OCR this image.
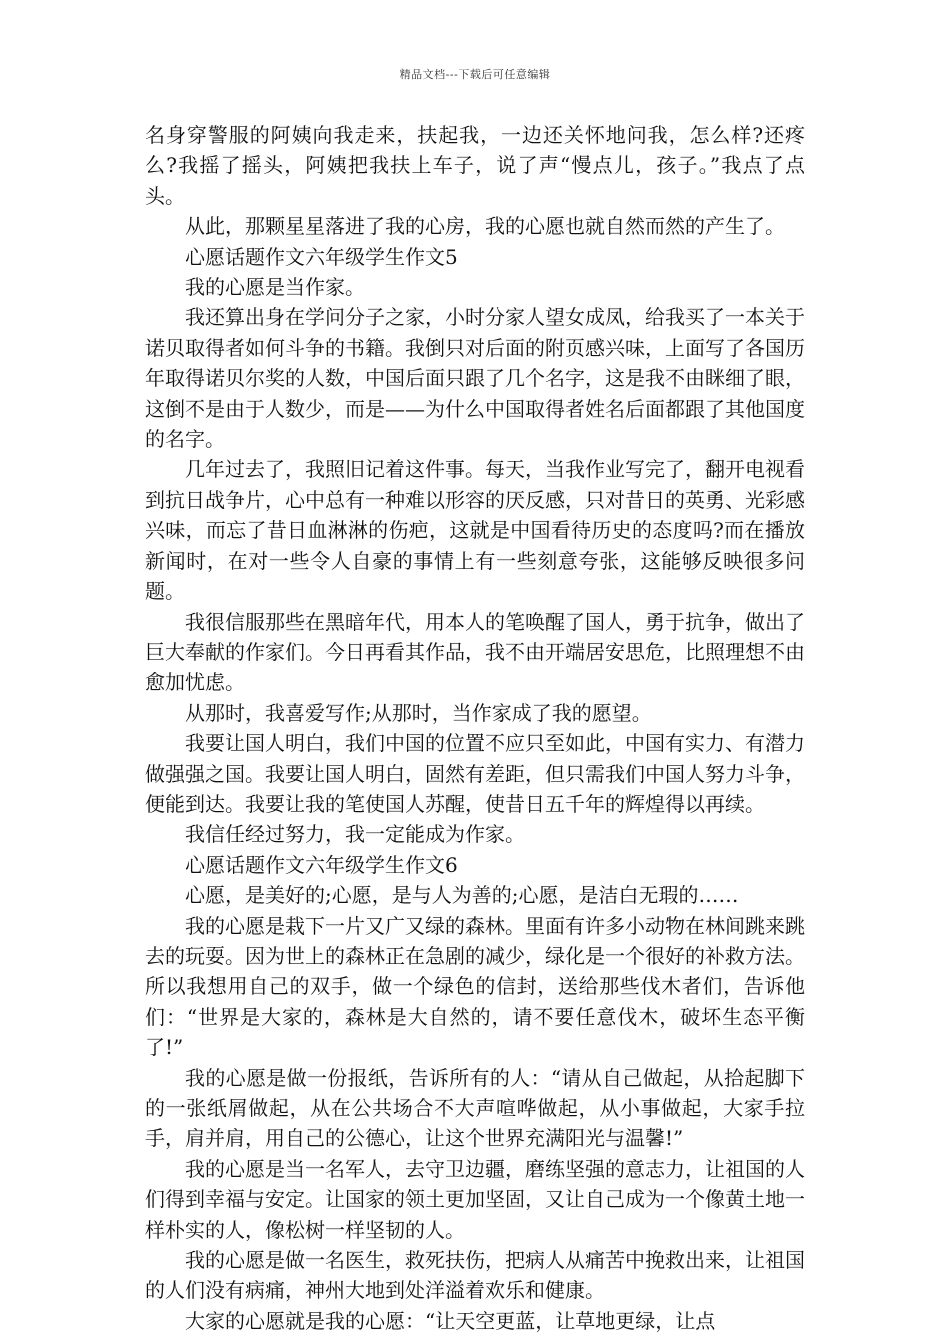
精品文档---下载后可任意编辑

名身穿警服的阿姨向我走来，扶起我，一边还关怀地问我，怎么样?还疼么?我摇了摇头，阿姨把我扶上车子，说了声“慢点儿，孩子。”我点了点头。

从此，那颗星星落进了我的心房，我的心愿也就自然而然的产生了。

心愿话题作文六年级学生作文5

我的心愿是当作家。

我还算出身在学问分子之家，小时分家人望女成凤，给我买了一本关于诺贝取得者如何斗争的书籍。我倒只对后面的附页感兴味，上面写了各国历年取得诺贝尔奖的人数，中国后面只跟了几个名字，这是我不由眯细了眼，这倒不是由于人数少，而是——为什么中国取得者姓名后面都跟了其他国度的名字。

几年过去了，我照旧记着这件事。每天，当我作业写完了，翻开电视看到抗日战争片，心中总有一种难以形容的厌反感，只对昔日的英勇、光彩感兴味，而忘了昔日血淋淋的伤疤，这就是中国看待历史的态度吗?而在播放新闻时，在对一些令人自豪的事情上有一些刻意夸张，这能够反映很多问题。

我很信服那些在黑暗年代，用本人的笔唤醒了国人，勇于抗争，做出了巨大奉献的作家们。今日再看其作品，我不由开端居安思危，比照理想不由愈加忧虑。

从那时，我喜爱写作;从那时，当作家成了我的愿望。

我要让国人明白，我们中国的位置不应只至如此，中国有实力、有潜力做强强之国。我要让国人明白，固然有差距，但只需我们中国人努力斗争，便能到达。我要让我的笔使国人苏醒，使昔日五千年的辉煌得以再续。

我信任经过努力，我一定能成为作家。

心愿话题作文六年级学生作文6

心愿，是美好的;心愿，是与人为善的;心愿，是洁白无瑕的……

我的心愿是栽下一片又广又绿的森林。里面有许多小动物在林间跳来跳去的玩耍。因为世上的森林正在急剧的减少，绿化是一个很好的补救方法。所以我想用自己的双手，做一个绿色的信封，送给那些伐木者们，告诉他们：“世界是大家的，森林是大自然的，请不要任意伐木，破坏生态平衡了!”

我的心愿是做一份报纸，告诉所有的人：“请从自己做起，从拾起脚下的一张纸屑做起，从在公共场合不大声喧哗做起，从小事做起，大家手拉手，肩并肩，用自己的公德心，让这个世界充满阳光与温馨!”

我的心愿是当一名军人，去守卫边疆，磨练坚强的意志力，让祖国的人们得到幸福与安定。让国家的领土更加坚固，又让自己成为一个像黄土地一样朴实的人，像松树一样坚韧的人。

我的心愿是做一名医生，救死扶伤，把病人从痛苦中挽救出来，让祖国的人们没有病痛，神州大地到处洋溢着欢乐和健康。

大家的心愿就是我的心愿：“让天空更蓝，让草地更绿，让点
